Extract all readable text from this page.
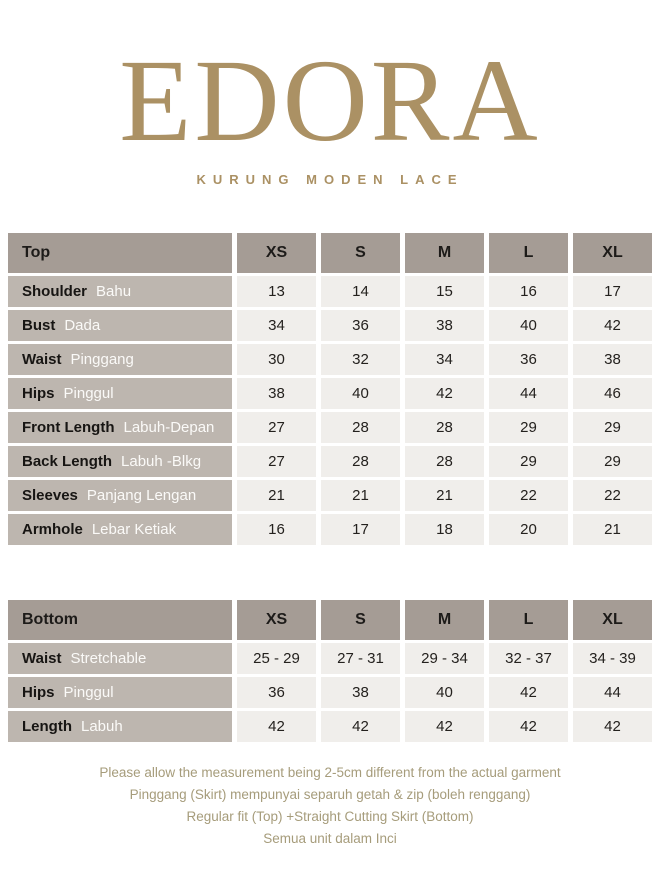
EDORA
KURUNG MODEN LACE
Top	XS	S	M	L	XL
Shoulder Bahu	13	14	15	16	17
Bust Dada	34	36	38	40	42
Waist Pinggang	30	32	34	36	38
Hips Pinggul	38	40	42	44	46
Front Length Labuh-Depan	27	28	28	29	29
Back Length Labuh -Blkg	27	28	28	29	29
Sleeves Panjang Lengan	21	21	21	22	22
Armhole Lebar Ketiak	16	17	18	20	21
Bottom	XS	S	M	L	XL
Waist Stretchable	25 - 29	27 - 31	29 - 34	32 - 37	34 - 39
Hips Pinggul	36	38	40	42	44
Length Labuh	42	42	42	42	42
Please allow the measurement being 2-5cm different from the actual garment
Pinggang (Skirt) mempunyai separuh getah & zip (boleh renggang)
Regular fit (Top) +Straight Cutting Skirt (Bottom)
Semua unit dalam Inci
